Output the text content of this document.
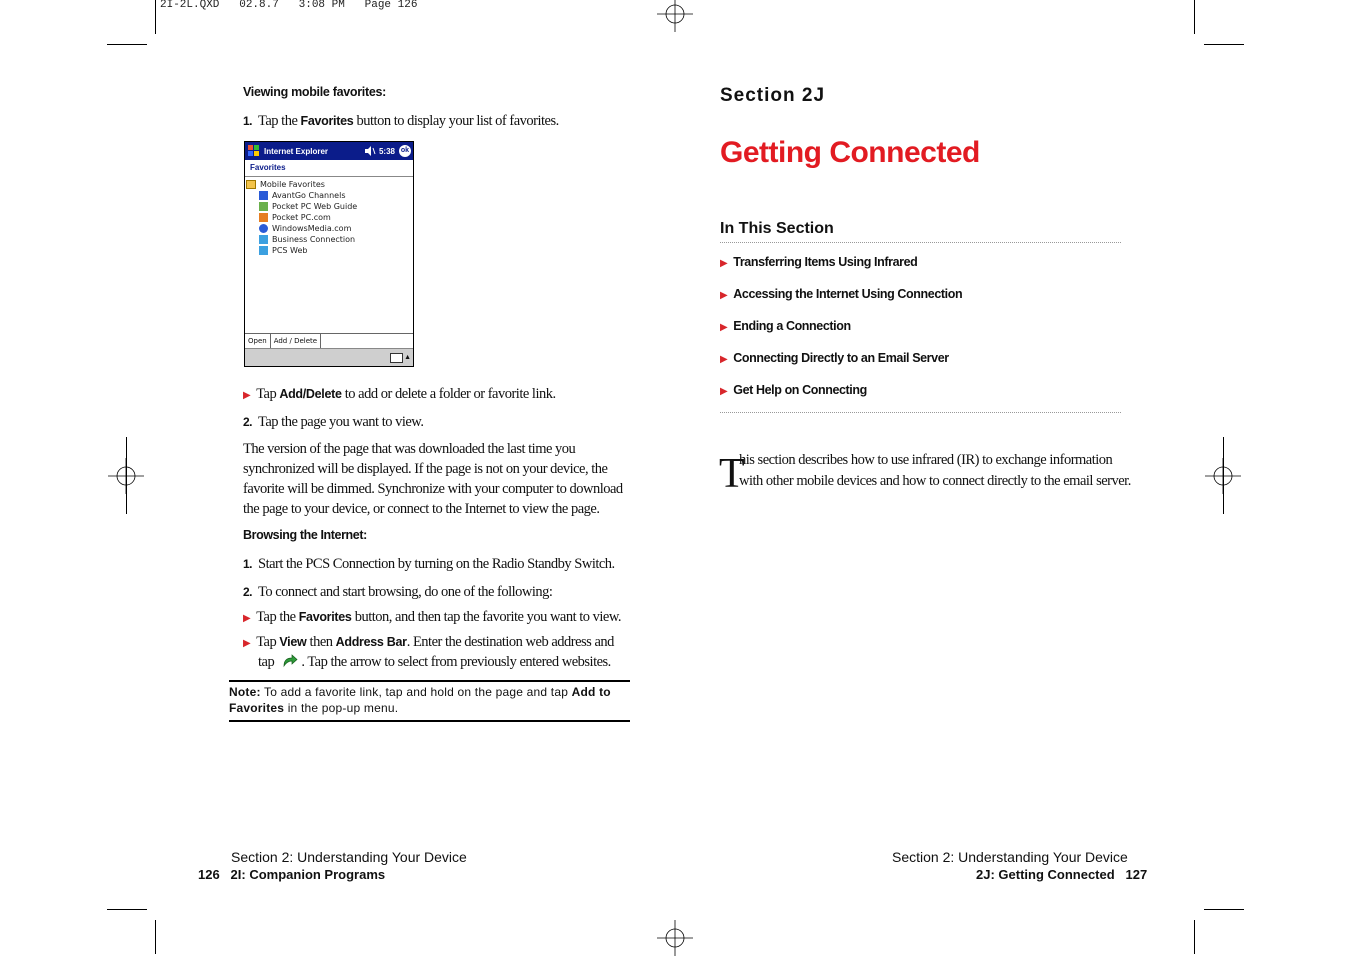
2I-2L.QXD   02.8.7   3:08 PM   Page 126
Viewing mobile favorites:
1. Tap the Favorites button to display your list of favorites.
Internet Explorer	5:38 ok
Favorites
Mobile Favorites
AvantGo Channels
Pocket PC Web Guide
Pocket PC.com
WindowsMedia.com
Business Connection
PCS Web
Open	Add / Delete
▲
▶ Tap Add/Delete to add or delete a folder or favorite link.
2. Tap the page you want to view.
The version of the page that was downloaded the last time you synchronized will be displayed. If the page is not on your device, the favorite will be dimmed. Synchronize with your computer to download the page to your device, or connect to the Internet to view the page.
Browsing the Internet:
1. Start the PCS Connection by turning on the Radio Standby Switch.
2. To connect and start browsing, do one of the following:
▶ Tap the Favorites button, and then tap the favorite you want to view.
▶ Tap View then Address Bar. Enter the destination web address and
tap . Tap the arrow to select from previously entered websites.
Note: To add a favorite link, tap and hold on the page and tap Add to Favorites in the pop-up menu.
Section 2: Understanding Your Device
126 2I: Companion Programs
Section 2J
Getting Connected
In This Section
▶ Transferring Items Using Infrared
▶ Accessing the Internet Using Connection
▶ Ending a Connection
▶ Connecting Directly to an Email Server
▶ Get Help on Connecting
T
his section describes how to use infrared (IR) to exchange information
with other mobile devices and how to connect directly to the email server.
Section 2: Understanding Your Device
2J: Getting Connected 127
